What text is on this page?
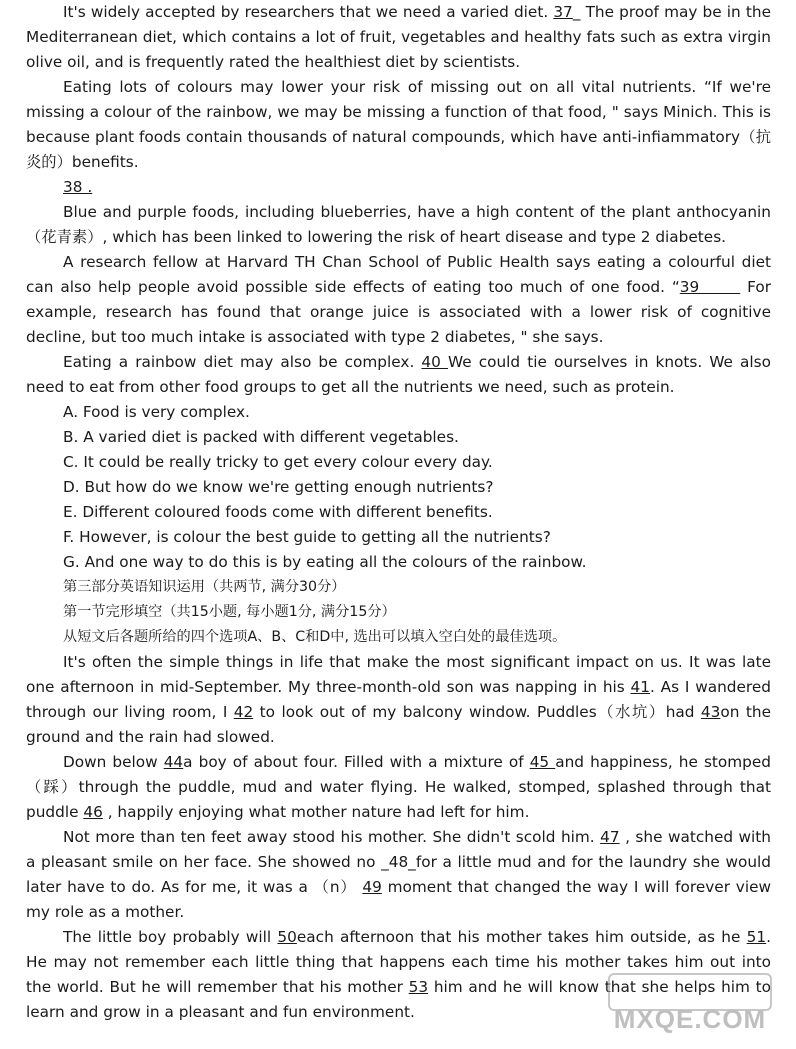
It's widely accepted by researchers that we need a varied diet. 37_ The proof may be in the Mediterranean diet, which contains a lot of fruit, vegetables and healthy fats such as extra virgin olive oil, and is frequently rated the healthiest diet by scientists.

Eating lots of colours may lower your risk of missing out on all vital nutrients. “If we're missing a colour of the rainbow, we may be missing a function of that food, " says Minich. This is because plant foods contain thousands of natural compounds, which have anti-infiammatory（抗炎的）benefits.

38 .

Blue and purple foods, including blueberries, have a high content of the plant anthocyanin（花青素）, which has been linked to lowering the risk of heart disease and type 2 diabetes.

A research fellow at Harvard TH Chan School of Public Health says eating a colourful diet can also help people avoid possible side effects of eating too much of one food. “39       For example, research has found that orange juice is associated with a lower risk of cognitive decline, but too much intake is associated with type 2 diabetes, " she says.

Eating a rainbow diet may also be complex. 40 We could tie ourselves in knots. We also need to eat from other food groups to get all the nutrients we need, such as protein.

A. Food is very complex.

B. A varied diet is packed with different vegetables.

C. It could be really tricky to get every colour every day.

D. But how do we know we're getting enough nutrients?

E. Different coloured foods come with different benefits.

F. However, is colour the best guide to getting all the nutrients?

G. And one way to do this is by eating all the colours of the rainbow.

第三部分英语知识运用（共两节, 满分30分）

第一节完形填空（共15小题, 每小题1分, 满分15分）

从短文后各题所给的四个选项A、B、C和D中, 选出可以填入空白处的最佳选项。

It's often the simple things in life that make the most significant impact on us. It was late one afternoon in mid-September. My three-month-old son was napping in his 41. As I wandered through our living room, I 42 to look out of my balcony window. Puddles（水坑）had 43on the ground and the rain had slowed.

Down below 44a boy of about four. Filled with a mixture of 45 and happiness, he stomped （踩）through the puddle, mud and water flying. He walked, stomped, splashed through that puddle 46 , happily enjoying what mother nature had left for him.

Not more than ten feet away stood his mother. She didn't scold him. 47 , she watched with a pleasant smile on her face. She showed no _48_for a little mud and for the laundry she would later have to do. As for me, it was a （n） 49 moment that changed the way I will forever view my role as a mother.

The little boy probably will 50each afternoon that his mother takes him outside, as he 51. He may not remember each little thing that happens each time his mother takes him out into the world. But he will remember that his mother 53 him and he will know that she helps him to learn and grow in a pleasant and fun environment.	MXQE.COM
